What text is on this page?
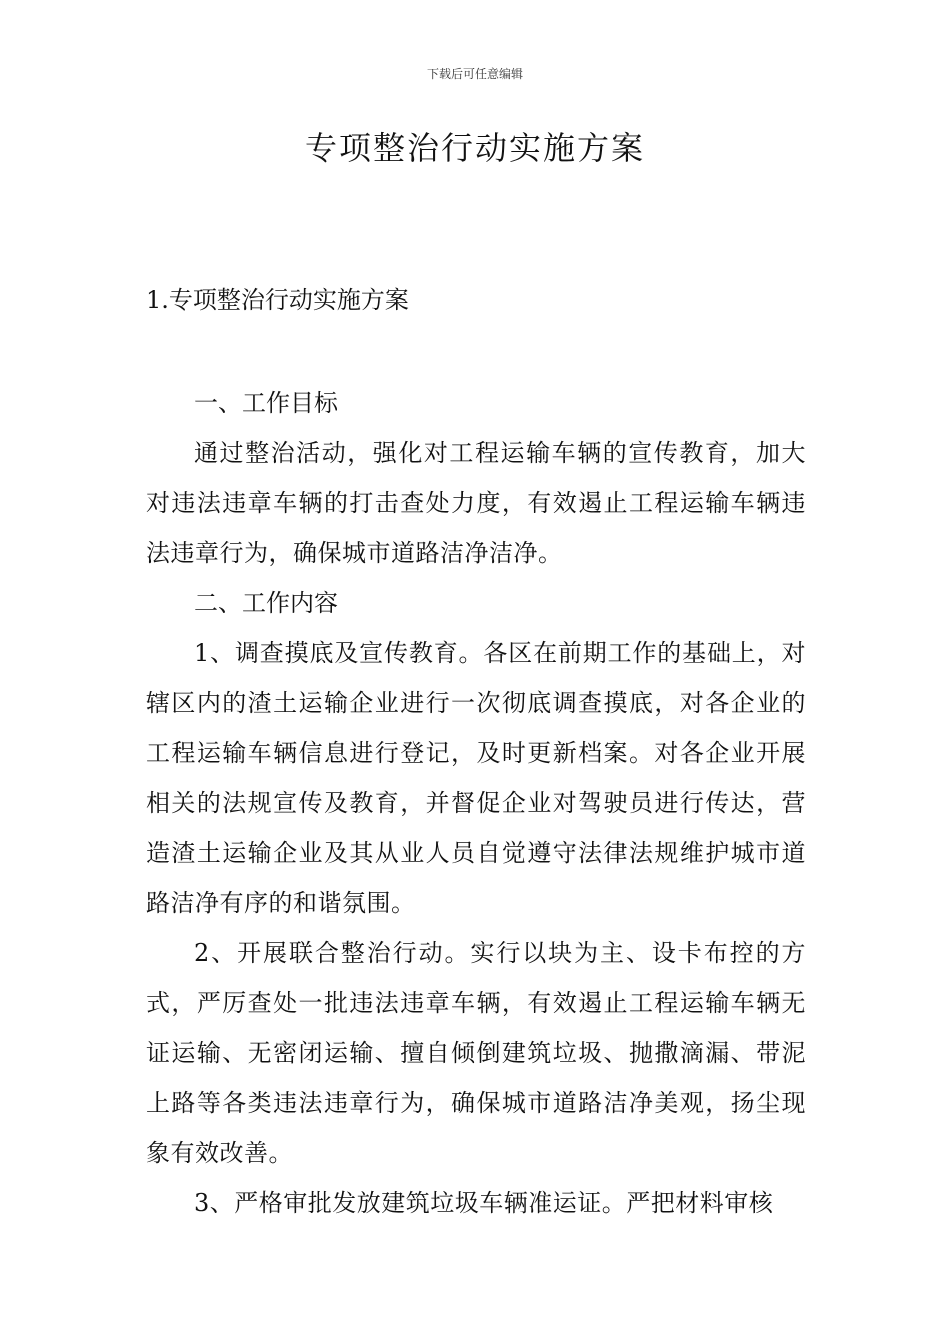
下载后可任意编辑
专项整治行动实施方案

1.专项整治行动实施方案

一、工作目标

通过整治活动，强化对工程运输车辆的宣传教育，加大对违法违章车辆的打击查处力度，有效遏止工程运输车辆违法违章行为，确保城市道路洁净洁净。

二、工作内容

1、调查摸底及宣传教育。各区在前期工作的基础上，对辖区内的渣土运输企业进行一次彻底调查摸底，对各企业的工程运输车辆信息进行登记，及时更新档案。对各企业开展相关的法规宣传及教育，并督促企业对驾驶员进行传达，营造渣土运输企业及其从业人员自觉遵守法律法规维护城市道路洁净有序的和谐氛围。

2、开展联合整治行动。实行以块为主、设卡布控的方式，严厉查处一批违法违章车辆，有效遏止工程运输车辆无证运输、无密闭运输、擅自倾倒建筑垃圾、抛撒滴漏、带泥上路等各类违法违章行为，确保城市道路洁净美观，扬尘现象有效改善。

3、严格审批发放建筑垃圾车辆准运证。严把材料审核
